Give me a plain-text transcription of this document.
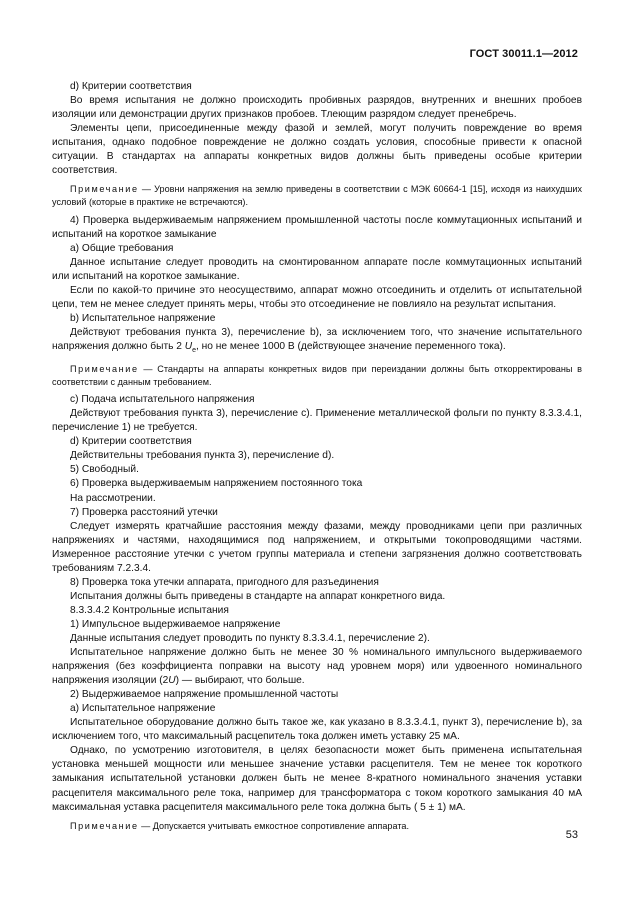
ГОСТ 30011.1—2012

d) Критерии соответствия

Во время испытания не должно происходить пробивных разрядов, внутренних и внешних пробоев изоляции или демонстрации других признаков пробоев. Тлеющим разрядом следует пренебречь.

Элементы цепи, присоединенные между фазой и землей, могут получить повреждение во время испытания, однако подобное повреждение не должно создать условия, способные привести к опасной ситуации. В стандартах на аппараты конкретных видов должны быть приведены особые критерии соответствия.

Примечание — Уровни напряжения на землю приведены в соответствии с МЭК 60664-1 [15], исходя из наихудших условий (которые в практике не встречаются).

4) Проверка выдерживаемым напряжением промышленной частоты после коммутационных испытаний и испытаний на короткое замыкание

a) Общие требования

Данное испытание следует проводить на смонтированном аппарате после коммутационных испытаний или испытаний на короткое замыкание.

Если по какой-то причине это неосуществимо, аппарат можно отсоединить и отделить от испытательной цепи, тем не менее следует принять меры, чтобы это отсоединение не повлияло на результат испытания.

b) Испытательное напряжение

Действуют требования пункта 3), перечисление b), за исключением того, что значение испытательного напряжения должно быть 2 $U_e$, но не менее 1000 В (действующее значение переменного тока).

Примечание — Стандарты на аппараты конкретных видов при переиздании должны быть откорректированы в соответствии с данным требованием.

c) Подача испытательного напряжения

Действуют требования пункта 3), перечисление c). Применение металлической фольги по пункту 8.3.3.4.1, перечисление 1) не требуется.

d) Критерии соответствия

Действительны требования пункта 3), перечисление d).

5) Свободный.

6) Проверка выдерживаемым напряжением постоянного тока

На рассмотрении.

7) Проверка расстояний утечки

Следует измерять кратчайшие расстояния между фазами, между проводниками цепи при различных напряжениях и частями, находящимися под напряжением, и открытыми токопроводящими частями. Измеренное расстояние утечки с учетом группы материала и степени загрязнения должно соответствовать требованиям 7.2.3.4.

8) Проверка тока утечки аппарата, пригодного для разъединения

Испытания должны быть приведены в стандарте на аппарат конкретного вида.

8.3.3.4.2 Контрольные испытания

1) Импульсное выдерживаемое напряжение

Данные испытания следует проводить по пункту 8.3.3.4.1, перечисление 2).

Испытательное напряжение должно быть не менее 30 % номинального импульсного выдерживаемого напряжения (без коэффициента поправки на высоту над уровнем моря) или удвоенного номинального напряжения изоляции (2U) — выбирают, что больше.

2) Выдерживаемое напряжение промышленной частоты

a) Испытательное напряжение

Испытательное оборудование должно быть такое же, как указано в 8.3.3.4.1, пункт 3), перечисление b), за исключением того, что максимальный расцепитель тока должен иметь уставку 25 мА.

Однако, по усмотрению изготовителя, в целях безопасности может быть применена испытательная установка меньшей мощности или меньшее значение уставки расцепителя. Тем не менее ток короткого замыкания испытательной установки должен быть не менее 8-кратного номинального значения уставки расцепителя максимального реле тока, например для трансформатора с током короткого замыкания 40 мА максимальная уставка расцепителя максимального реле тока должна быть ( 5 ± 1) мА.

Примечание — Допускается учитывать емкостное сопротивление аппарата.

53
